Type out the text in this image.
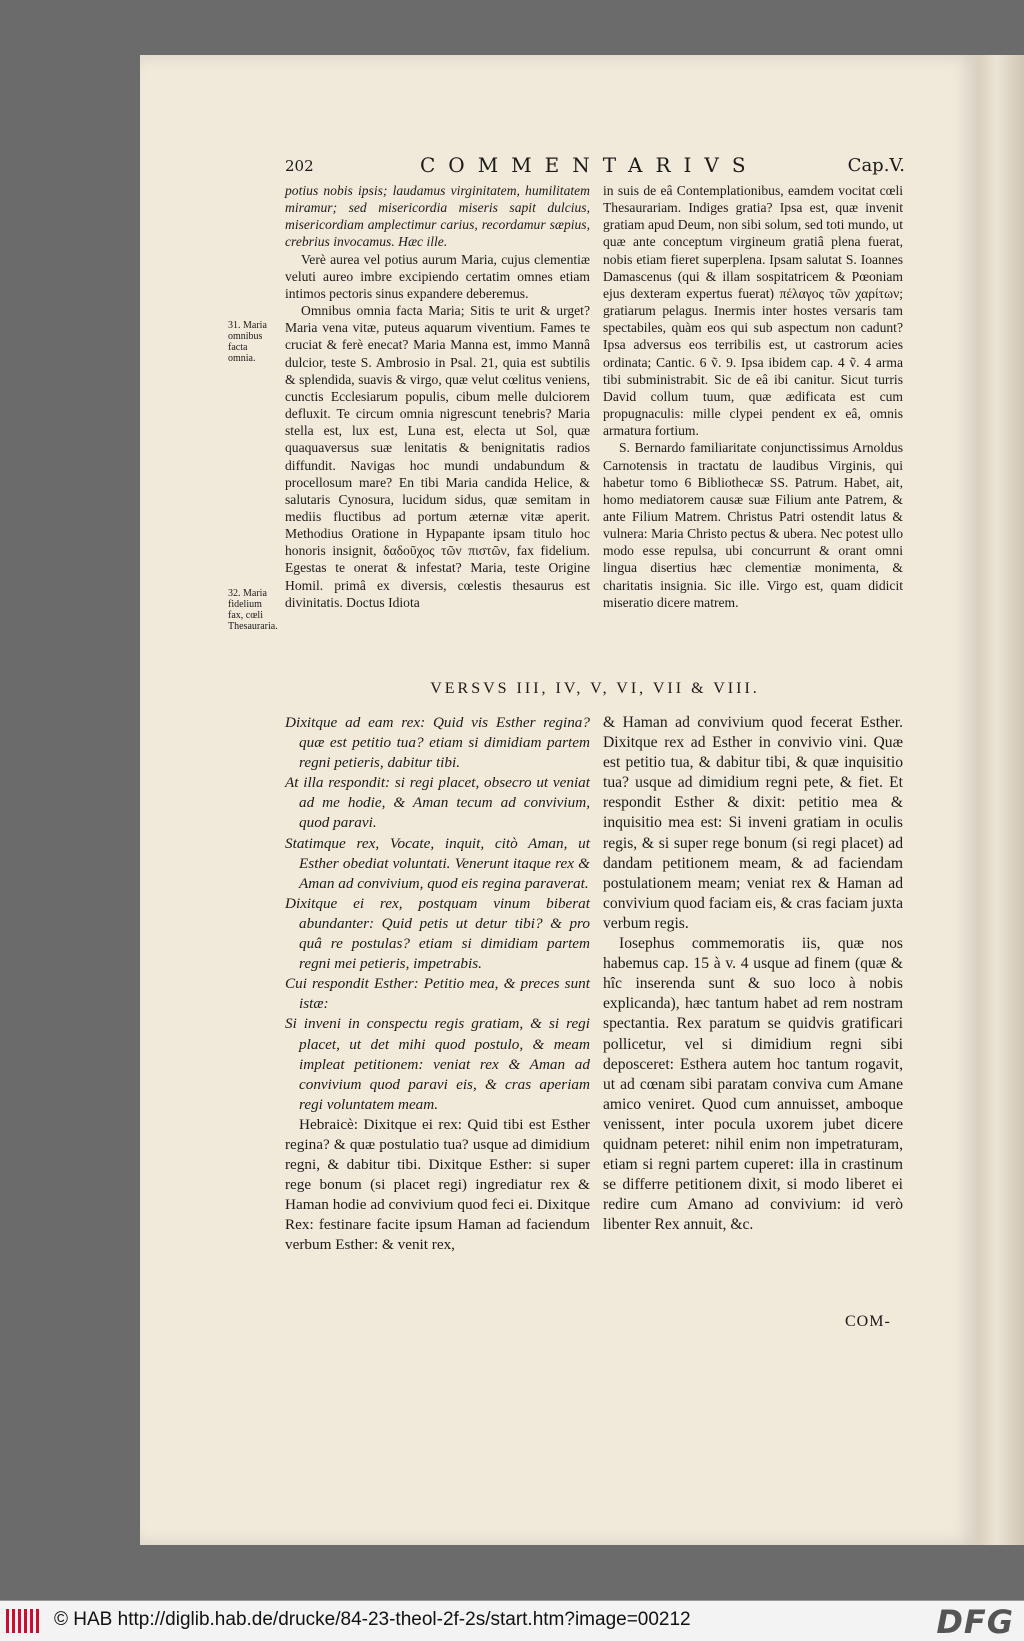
202	COMMENTARIVS	Cap.V.

potius nobis ipsis; laudamus virginitatem, humilitatem miramur; sed misericordia miseris sapit dulcius, misericordiam amplectimur carius, recordamur sæpius, crebrius invocamus. Hæc ille.

Verè aurea vel potius aurum Maria, cujus clementiæ veluti aureo imbre excipiendo certatim omnes etiam intimos pectoris sinus expandere deberemus.

Omnibus omnia facta Maria; Sitis te urit & urget? Maria vena vitæ, puteus aquarum viventium. Fames te cruciat & ferè enecat? Maria Manna est, immo Mannâ dulcior, teste S. Ambrosio in Psal. 21, quia est subtilis & splendida, suavis & virgo, quæ velut cœlitus veniens, cunctis Ecclesiarum populis, cibum melle dulciorem defluxit. Te circum omnia nigrescunt tenebris? Maria stella est, lux est, Luna est, electa ut Sol, quæ quaquaversus suæ lenitatis & benignitatis radios diffundit. Navigas hoc mundi undabundum & procellosum mare? En tibi Maria candida Helice, & salutaris Cynosura, lucidum sidus, quæ semitam in mediis fluctibus ad portum æternæ vitæ aperit. Methodius Oratione in Hypapante ipsam titulo hoc honoris insignit, δαδοῦχος τῶν πιστῶν, fax fidelium. Egestas te onerat & infestat? Maria, teste Origine Homil. primâ ex diversis, cœlestis thesaurus est divinitatis. Doctus Idiota

31. Maria omnibus facta omnia.
32. Maria fidelium fax, cœli Thesauraria.

in suis de eâ Contemplationibus, eamdem vocitat cœli Thesaurariam. Indiges gratia? Ipsa est, quæ invenit gratiam apud Deum, non sibi solum, sed toti mundo, ut quæ ante conceptum virgineum gratiâ plena fuerat, nobis etiam fieret superplena. Ipsam salutat S. Ioannes Damascenus (qui & illam sospitatricem & Pœoniam ejus dexteram expertus fuerat) πέλαγος τῶν χαρίτων; gratiarum pelagus. Inermis inter hostes versaris tam spectabiles, quàm eos qui sub aspectum non cadunt? Ipsa adversus eos terribilis est, ut castrorum acies ordinata; Cantic. 6 ṽ. 9. Ipsa ibidem cap. 4 ṽ. 4 arma tibi subministrabit. Sic de eâ ibi canitur. Sicut turris David collum tuum, quæ ædificata est cum propugnaculis: mille clypei pendent ex eâ, omnis armatura fortium.

S. Bernardo familiaritate conjunctissimus Arnoldus Carnotensis in tractatu de laudibus Virginis, qui habetur tomo 6 Bibliothecæ SS. Patrum. Habet, ait, homo mediatorem causæ suæ Filium ante Patrem, & ante Filium Matrem. Christus Patri ostendit latus & vulnera: Maria Christo pectus & ubera. Nec potest ullo modo esse repulsa, ubi concurrunt & orant omni lingua disertius hæc clementiæ monimenta, & charitatis insignia. Sic ille. Virgo est, quam didicit miseratio dicere matrem.

VERSVS III, IV, V, VI, VII & VIII.

Dixitque ad eam rex: Quid vis Esther regina? quæ est petitio tua? etiam si dimidiam partem regni petieris, dabitur tibi.

At illa respondit: si regi placet, obsecro ut veniat ad me hodie, & Aman tecum ad convivium, quod paravi.

Statimque rex, Vocate, inquit, citò Aman, ut Esther obediat voluntati. Venerunt itaque rex & Aman ad convivium, quod eis regina paraverat.

Dixitque ei rex, postquam vinum biberat abundanter: Quid petis ut detur tibi? & pro quâ re postulas? etiam si dimidiam partem regni mei petieris, impetrabis.

Cui respondit Esther: Petitio mea, & preces sunt istæ:

Si inveni in conspectu regis gratiam, & si regi placet, ut det mihi quod postulo, & meam impleat petitionem: veniat rex & Aman ad convivium quod paravi eis, & cras aperiam regi voluntatem meam.

Hebraicè: Dixitque ei rex: Quid tibi est Esther regina? & quæ postulatio tua? usque ad dimidium regni, & dabitur tibi. Dixitque Esther: si super rege bonum (si placet regi) ingrediatur rex & Haman hodie ad convivium quod feci ei. Dixitque Rex: festinare facite ipsum Haman ad faciendum verbum Esther: & venit rex,

& Haman ad convivium quod fecerat Esther. Dixitque rex ad Esther in convivio vini. Quæ est petitio tua, & dabitur tibi, & quæ inquisitio tua? usque ad dimidium regni pete, & fiet. Et respondit Esther & dixit: petitio mea & inquisitio mea est: Si inveni gratiam in oculis regis, & si super rege bonum (si regi placet) ad dandam petitionem meam, & ad faciendam postulationem meam; veniat rex & Haman ad convivium quod faciam eis, & cras faciam juxta verbum regis.

Iosephus commemoratis iis, quæ nos habemus cap. 15 à v. 4 usque ad finem (quæ & hîc inserenda sunt & suo loco à nobis explicanda), hæc tantum habet ad rem nostram spectantia. Rex paratum se quidvis gratificari pollicetur, vel si dimidium regni sibi deposceret: Esthera autem hoc tantum rogavit, ut ad cœnam sibi paratam conviva cum Amane amico veniret. Quod cum annuisset, amboque venissent, inter pocula uxorem jubet dicere quidnam peteret: nihil enim non impetraturam, etiam si regni partem cuperet: illa in crastinum se differre petitionem dixit, si modo liberet ei redire cum Amano ad convivium: id verò libenter Rex annuit, &c.

COM-
© HAB http://diglib.hab.de/drucke/84-23-theol-2f-2s/start.htm?image=00212	DFG
